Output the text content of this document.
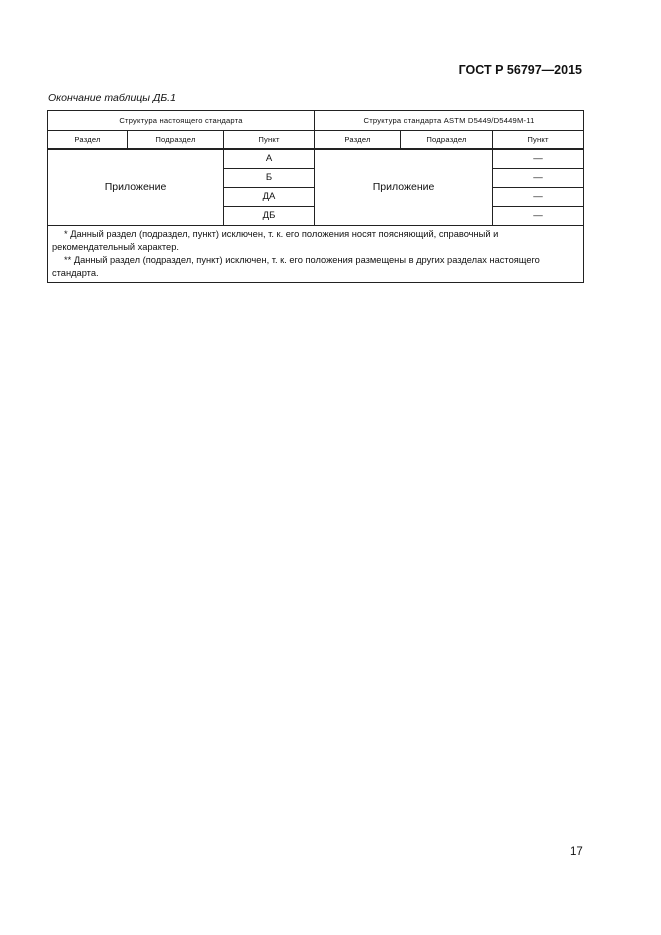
ГОСТ Р 56797—2015
Окончание таблицы ДБ.1
Структура настоящего стандарта			Структура стандарта ASTM D5449/D5449M-11		
Раздел	Подраздел	Пункт	Раздел	Подраздел	Пункт
Приложение		А	Приложение		—
		Б			—
		ДА			—
		ДБ			—

* Данный раздел (подраздел, пункт) исключен, т. к. его положения носят поясняющий, справочный и рекомендательный характер.
** Данный раздел (подраздел, пункт) исключен, т. к. его положения размещены в других разделах настоящего стандарта.					
17
